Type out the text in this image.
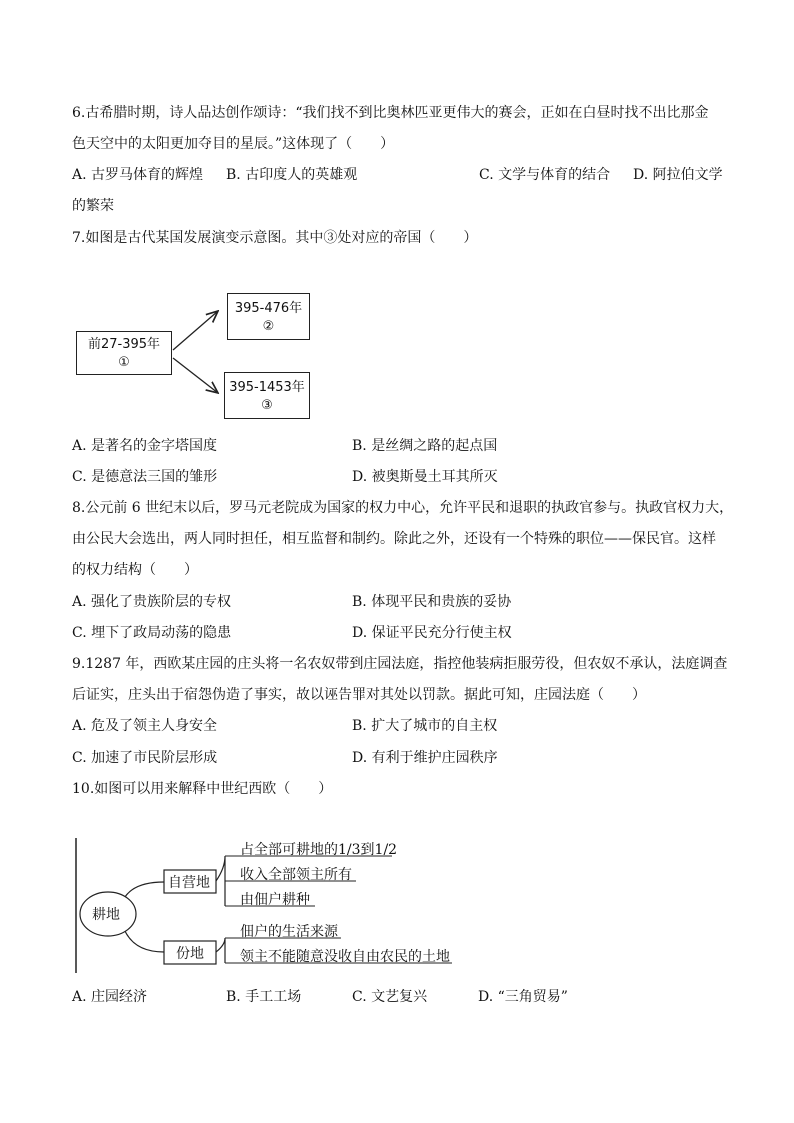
6.古希腊时期，诗人品达创作颂诗：“我们找不到比奥林匹亚更伟大的赛会，正如在白昼时找不出比那金
色天空中的太阳更加夺目的星辰。”这体现了（　　）
A. 古罗马体育的辉煌 B. 古印度人的英雄观	C. 文学与体育的结合 D. 阿拉伯文学
的繁荣
7.如图是古代某国发展演变示意图。其中③处对应的帝国（　　）
前27-395年
①
395-476年
②
395-1453年
③
A. 是著名的金字塔国度	B. 是丝绸之路的起点国
C. 是德意法三国的雏形	D. 被奥斯曼土耳其所灭
8.公元前 6 世纪末以后，罗马元老院成为国家的权力中心，允许平民和退职的执政官参与。执政官权力大，
由公民大会选出，两人同时担任，相互监督和制约。除此之外，还设有一个特殊的职位——保民官。这样
的权力结构（　　）
A. 强化了贵族阶层的专权	B. 体现平民和贵族的妥协
C. 埋下了政局动荡的隐患	D. 保证平民充分行使主权
9.1287 年，西欧某庄园的庄头将一名农奴带到庄园法庭，指控他装病拒服劳役，但农奴不承认，法庭调查
后证实，庄头出于宿怨伪造了事实，故以诬告罪对其处以罚款。据此可知，庄园法庭（　　）
A. 危及了领主人身安全	B. 扩大了城市的自主权
C. 加速了市民阶层形成	D. 有利于维护庄园秩序
10.如图可以用来解释中世纪西欧（　　）
耕地
自营地
份地
占全部可耕地的1/3到1/2
收入全部领主所有
由佃户耕种
佃户的生活来源
领主不能随意没收自由农民的土地
A. 庄园经济	B. 手工工场	C. 文艺复兴	D. “三角贸易”
